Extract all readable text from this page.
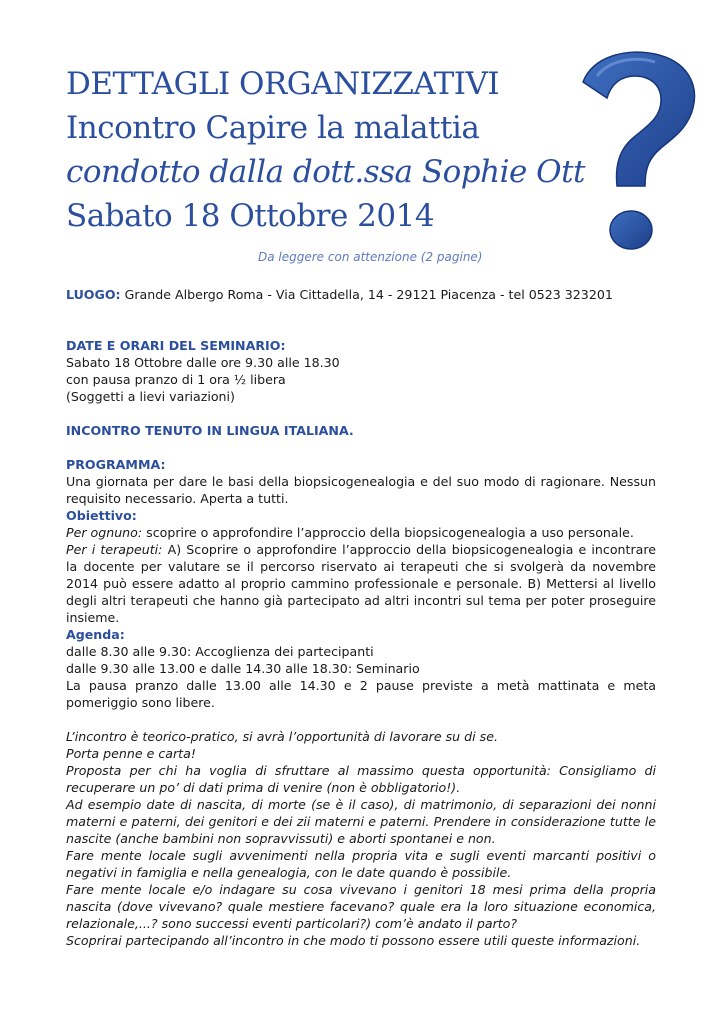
DETTAGLI ORGANIZZATIVI
Incontro Capire la malattia
condotto dalla dott.ssa Sophie Ott
Sabato 18 Ottobre 2014
Da leggere con attenzione (2 pagine)

LUOGO: Grande Albergo Roma - Via Cittadella, 14 - 29121 Piacenza - tel 0523 323201

DATE E ORARI DEL SEMINARIO:

Sabato 18 Ottobre dalle ore 9.30 alle 18.30

con pausa pranzo di 1 ora ½ libera

(Soggetti a lievi variazioni)

INCONTRO TENUTO IN LINGUA ITALIANA.

PROGRAMMA:

Una giornata per dare le basi della biopsicogenealogia e del suo modo di ragionare. Nessun requisito necessario. Aperta a tutti.

Obiettivo:

Per ognuno: scoprire o approfondire l’approccio della biopsicogenealogia a uso personale.

Per i terapeuti: A) Scoprire o approfondire l’approccio della biopsicogenealogia e incontrare la docente per valutare se il percorso riservato ai terapeuti che si svolgerà da novembre 2014 può essere adatto al proprio cammino professionale e personale. B) Mettersi al livello degli altri terapeuti che hanno già partecipato ad altri incontri sul tema per poter proseguire insieme.

Agenda:

dalle 8.30 alle 9.30: Accoglienza dei partecipanti

dalle 9.30 alle 13.00 e dalle 14.30 alle 18.30: Seminario

La pausa pranzo dalle 13.00 alle 14.30 e 2 pause previste a metà mattinata e meta pomeriggio sono libere.

L’incontro è teorico-pratico, si avrà l’opportunità di lavorare su di se.

Porta penne e carta!

Proposta per chi ha voglia di sfruttare al massimo questa opportunità: Consigliamo di recuperare un po’ di dati prima di venire (non è obbligatorio!).

Ad esempio date di nascita, di morte (se è il caso), di matrimonio, di separazioni dei nonni materni e paterni, dei genitori e dei zii materni e paterni. Prendere in considerazione tutte le nascite (anche bambini non sopravvissuti) e aborti spontanei e non.

Fare mente locale sugli avvenimenti nella propria vita e sugli eventi marcanti positivi o negativi in famiglia e nella genealogia, con le date quando è possibile.

Fare mente locale e/o indagare su cosa vivevano i genitori 18 mesi prima della propria nascita (dove vivevano? quale mestiere facevano? quale era la loro situazione economica, relazionale,...? sono successi eventi particolari?) com’è andato il parto?

Scoprirai partecipando all’incontro in che modo ti possono essere utili queste informazioni.
